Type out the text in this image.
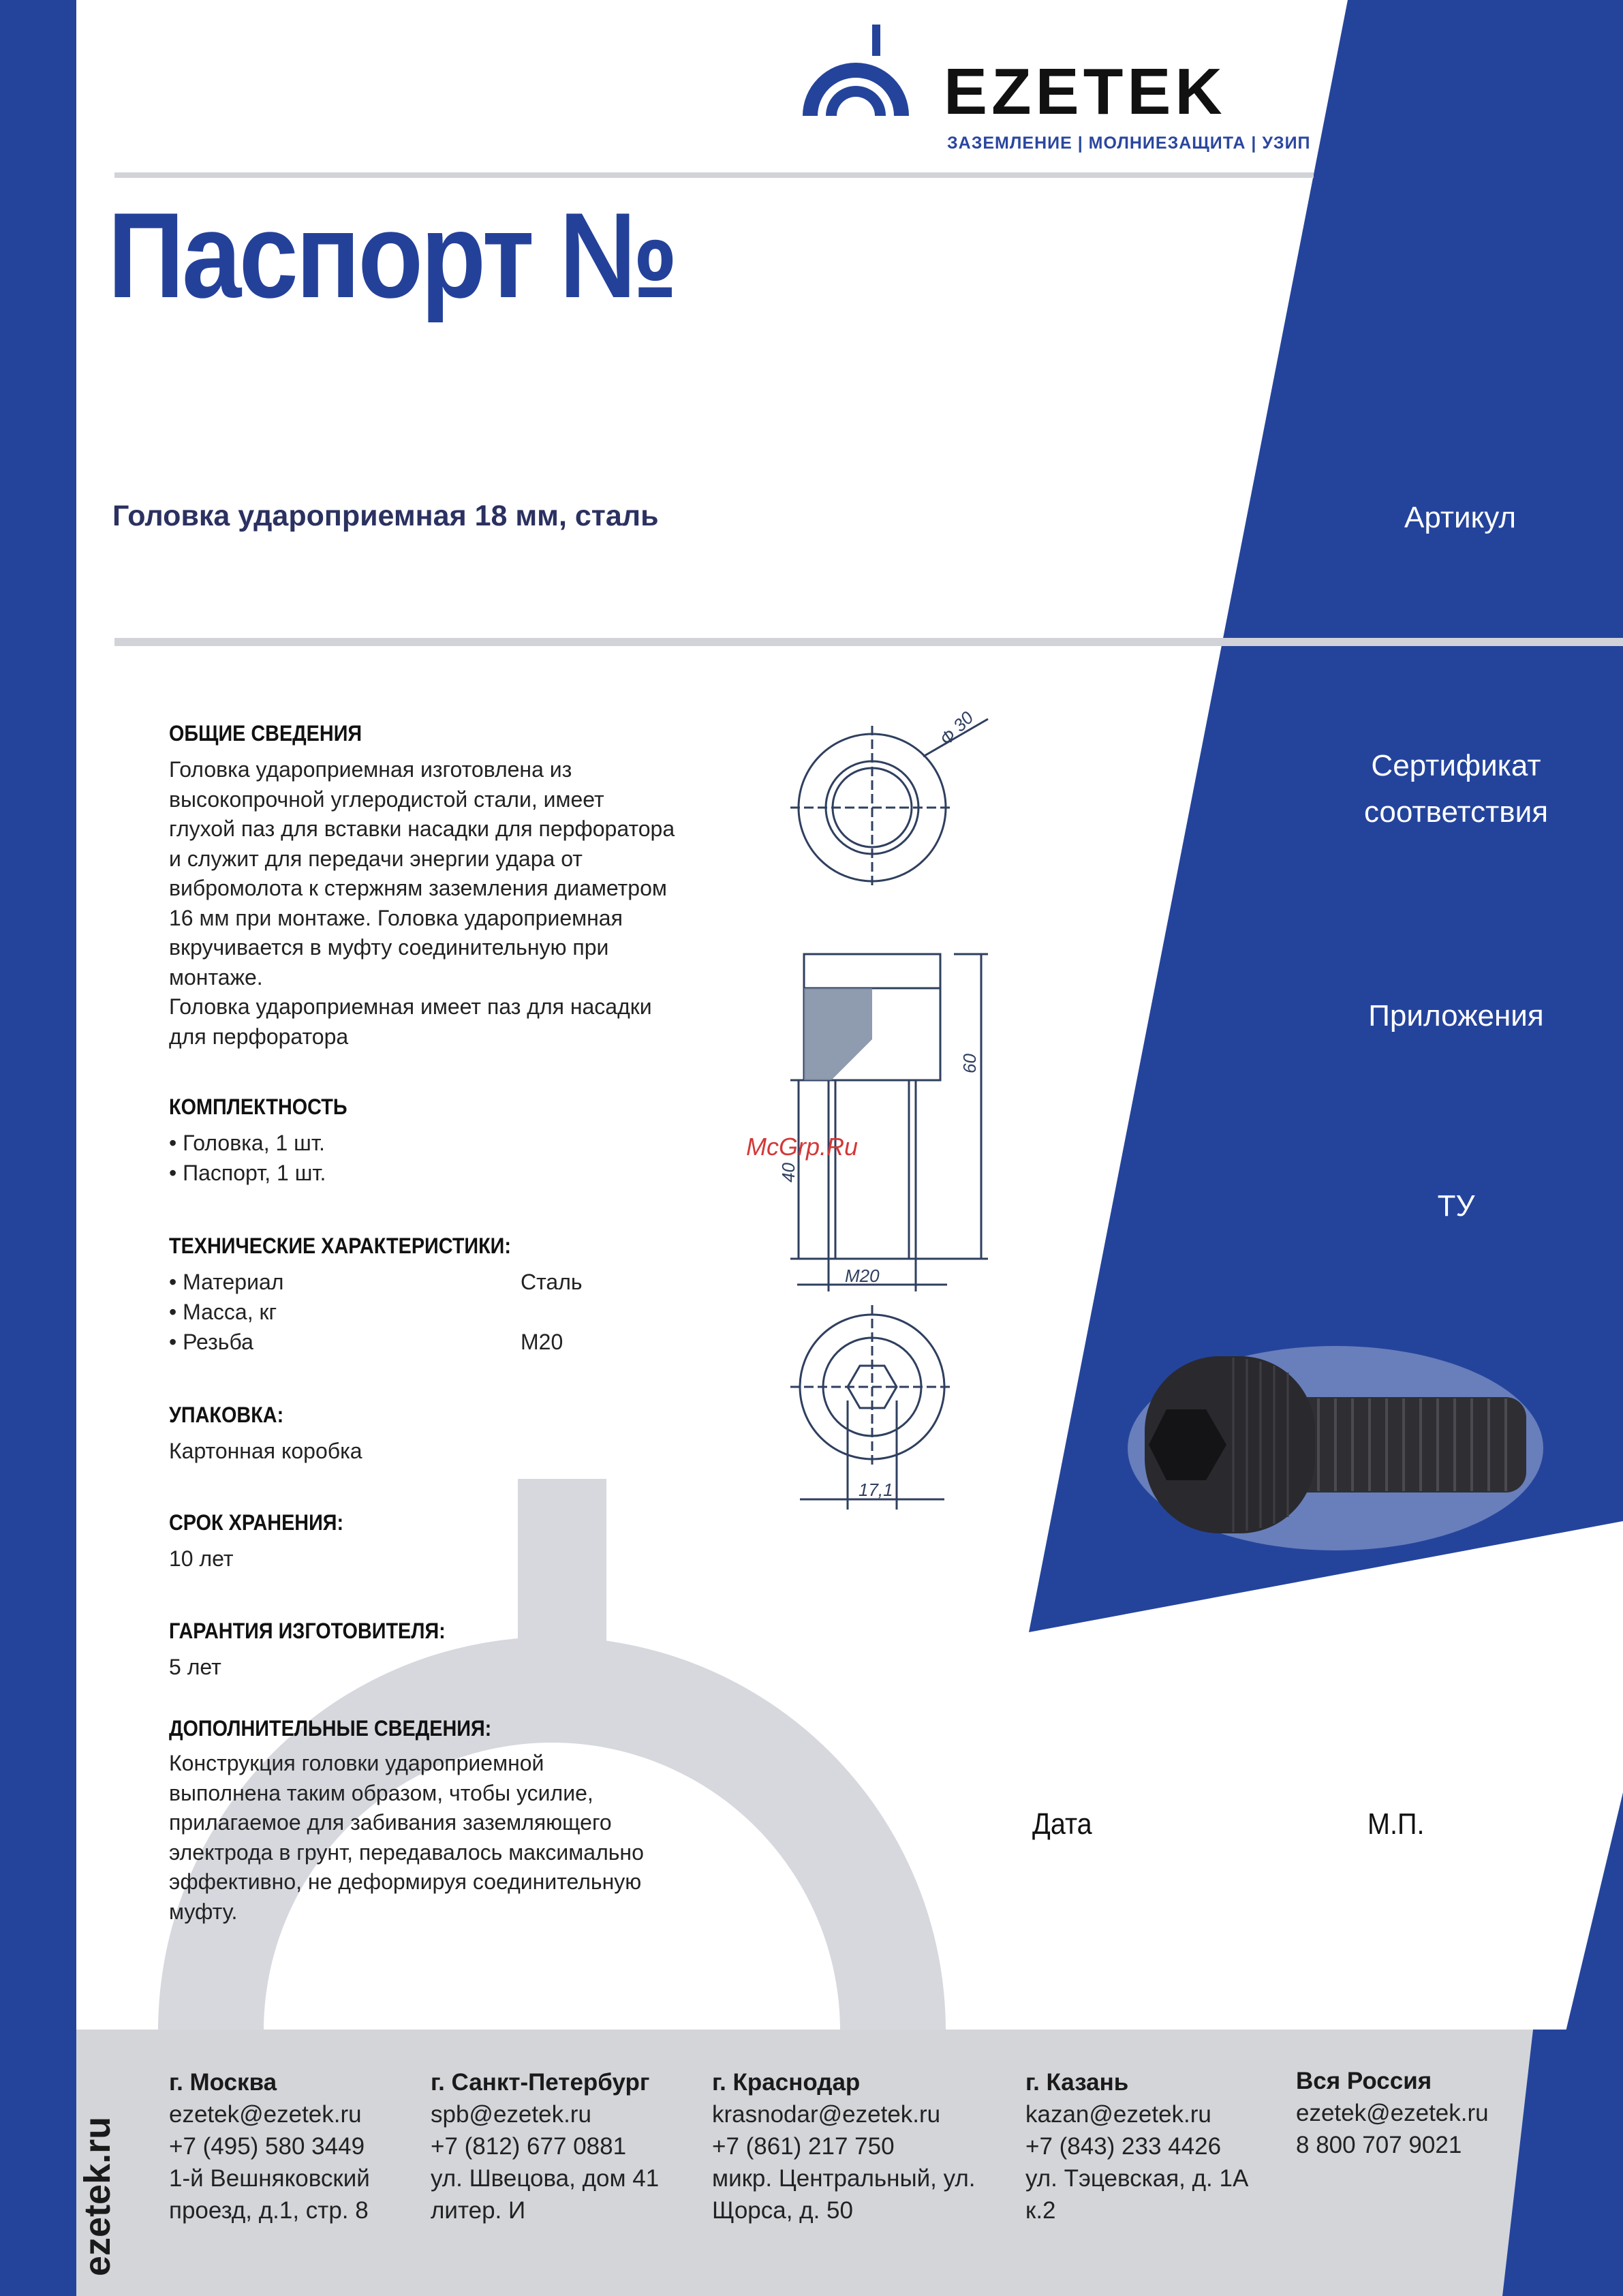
EZETEK
ЗАЗЕМЛЕНИЕ | МОЛНИЕЗАЩИТА | УЗИП
Паспорт №
Головка удароприемная 18 мм, сталь	Артикул
Сертификат
соответствия
Приложения
ТУ
ОБЩИЕ СВЕДЕНИЯ
Головка удароприемная изготовлена из
высокопрочной углеродистой стали, имеет
глухой паз для вставки насадки для перфоратора
и служит для передачи энергии удара от
вибромолота к стержням заземления диаметром
16 мм при монтаже. Головка удароприемная
вкручивается в муфту соединительную при
монтаже.
Головка удароприемная имеет паз для насадки
для перфоратора
КОМПЛЕКТНОСТЬ
• Головка, 1 шт.
• Паспорт, 1 шт.
ТЕХНИЧЕСКИЕ ХАРАКТЕРИСТИКИ:
• Материал	Сталь
• Масса, кг
• Резьба	M20
УПАКОВКА:
Картонная коробка
СРОК ХРАНЕНИЯ:
10 лет
ГАРАНТИЯ ИЗГОТОВИТЕЛЯ:
5 лет
ДОПОЛНИТЕЛЬНЫЕ СВЕДЕНИЯ:
Конструкция головки удароприемной
выполнена таким образом, чтобы усилие,
прилагаемое для забивания заземляющего
электрода в грунт, передавалось максимально
эффективно, не деформируя соединительную
муфту.
Ф 30
60
40
M20
17,1
McGrp.Ru
Дата	М.П.
ezetek.ru
г. Москва
ezetek@ezetek.ru
+7 (495) 580 3449
1-й Вешняковский
проезд, д.1, стр. 8
г. Санкт-Петербург
spb@ezetek.ru
+7 (812) 677 0881
ул. Швецова, дом 41
литер. И
г. Краснодар
krasnodar@ezetek.ru
+7 (861) 217 750
микр. Центральный, ул.
Щорса, д. 50
г. Казань
kazan@ezetek.ru
+7 (843) 233 4426
ул. Тэцевская, д. 1А
к.2
Вся Россия
ezetek@ezetek.ru
8 800 707 9021
